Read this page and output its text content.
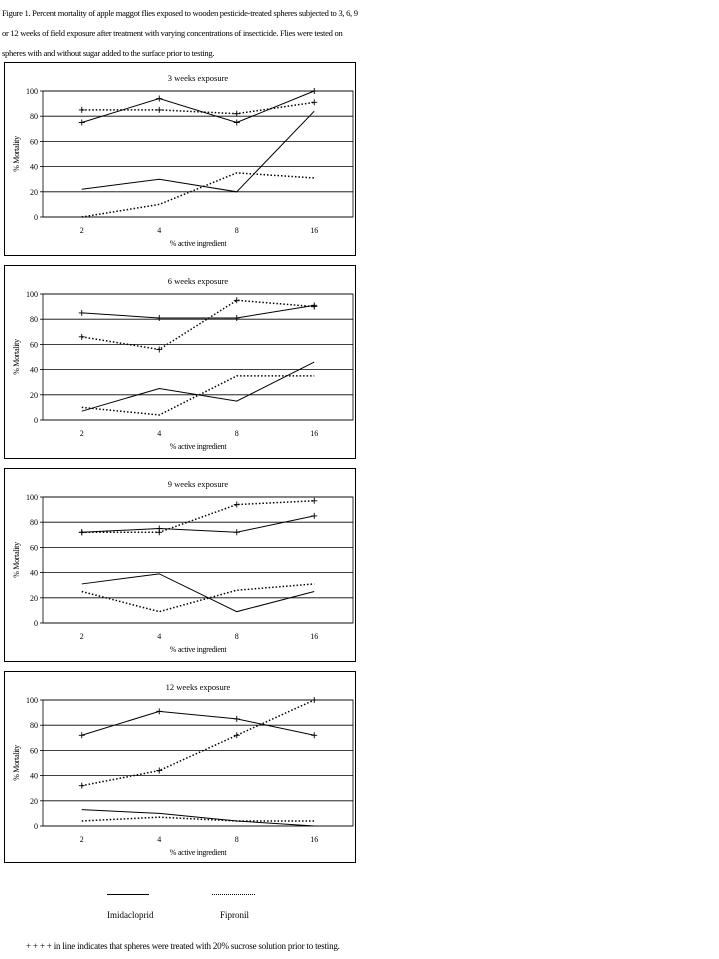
Figure 1. Percent mortality of apple maggot flies exposed to wooden pesticide-treated spheres subjected to 3, 6, 9 or 12 weeks of field exposure after treatment with varying concentrations of insecticide. Flies were tested on spheres with and without sugar added to the surface prior to testing.
3 weeks exposure
0
20
40
60
80
100
2	4	8	16
% active ingredient
% Mortality
6 weeks exposure
0
20
40
60
80
100
2	4	8	16
% active ingredient
% Mortality
9 weeks exposure
0
20
40
60
80
100
2	4	8	16
% active ingredient
% Mortality
12 weeks exposure
0
20
40
60
80
100
2	4	8	16
% active ingredient
% Mortality
Imidacloprid	Fipronil
+ + + + in line indicates that spheres were treated with 20% sucrose solution prior to testing.
